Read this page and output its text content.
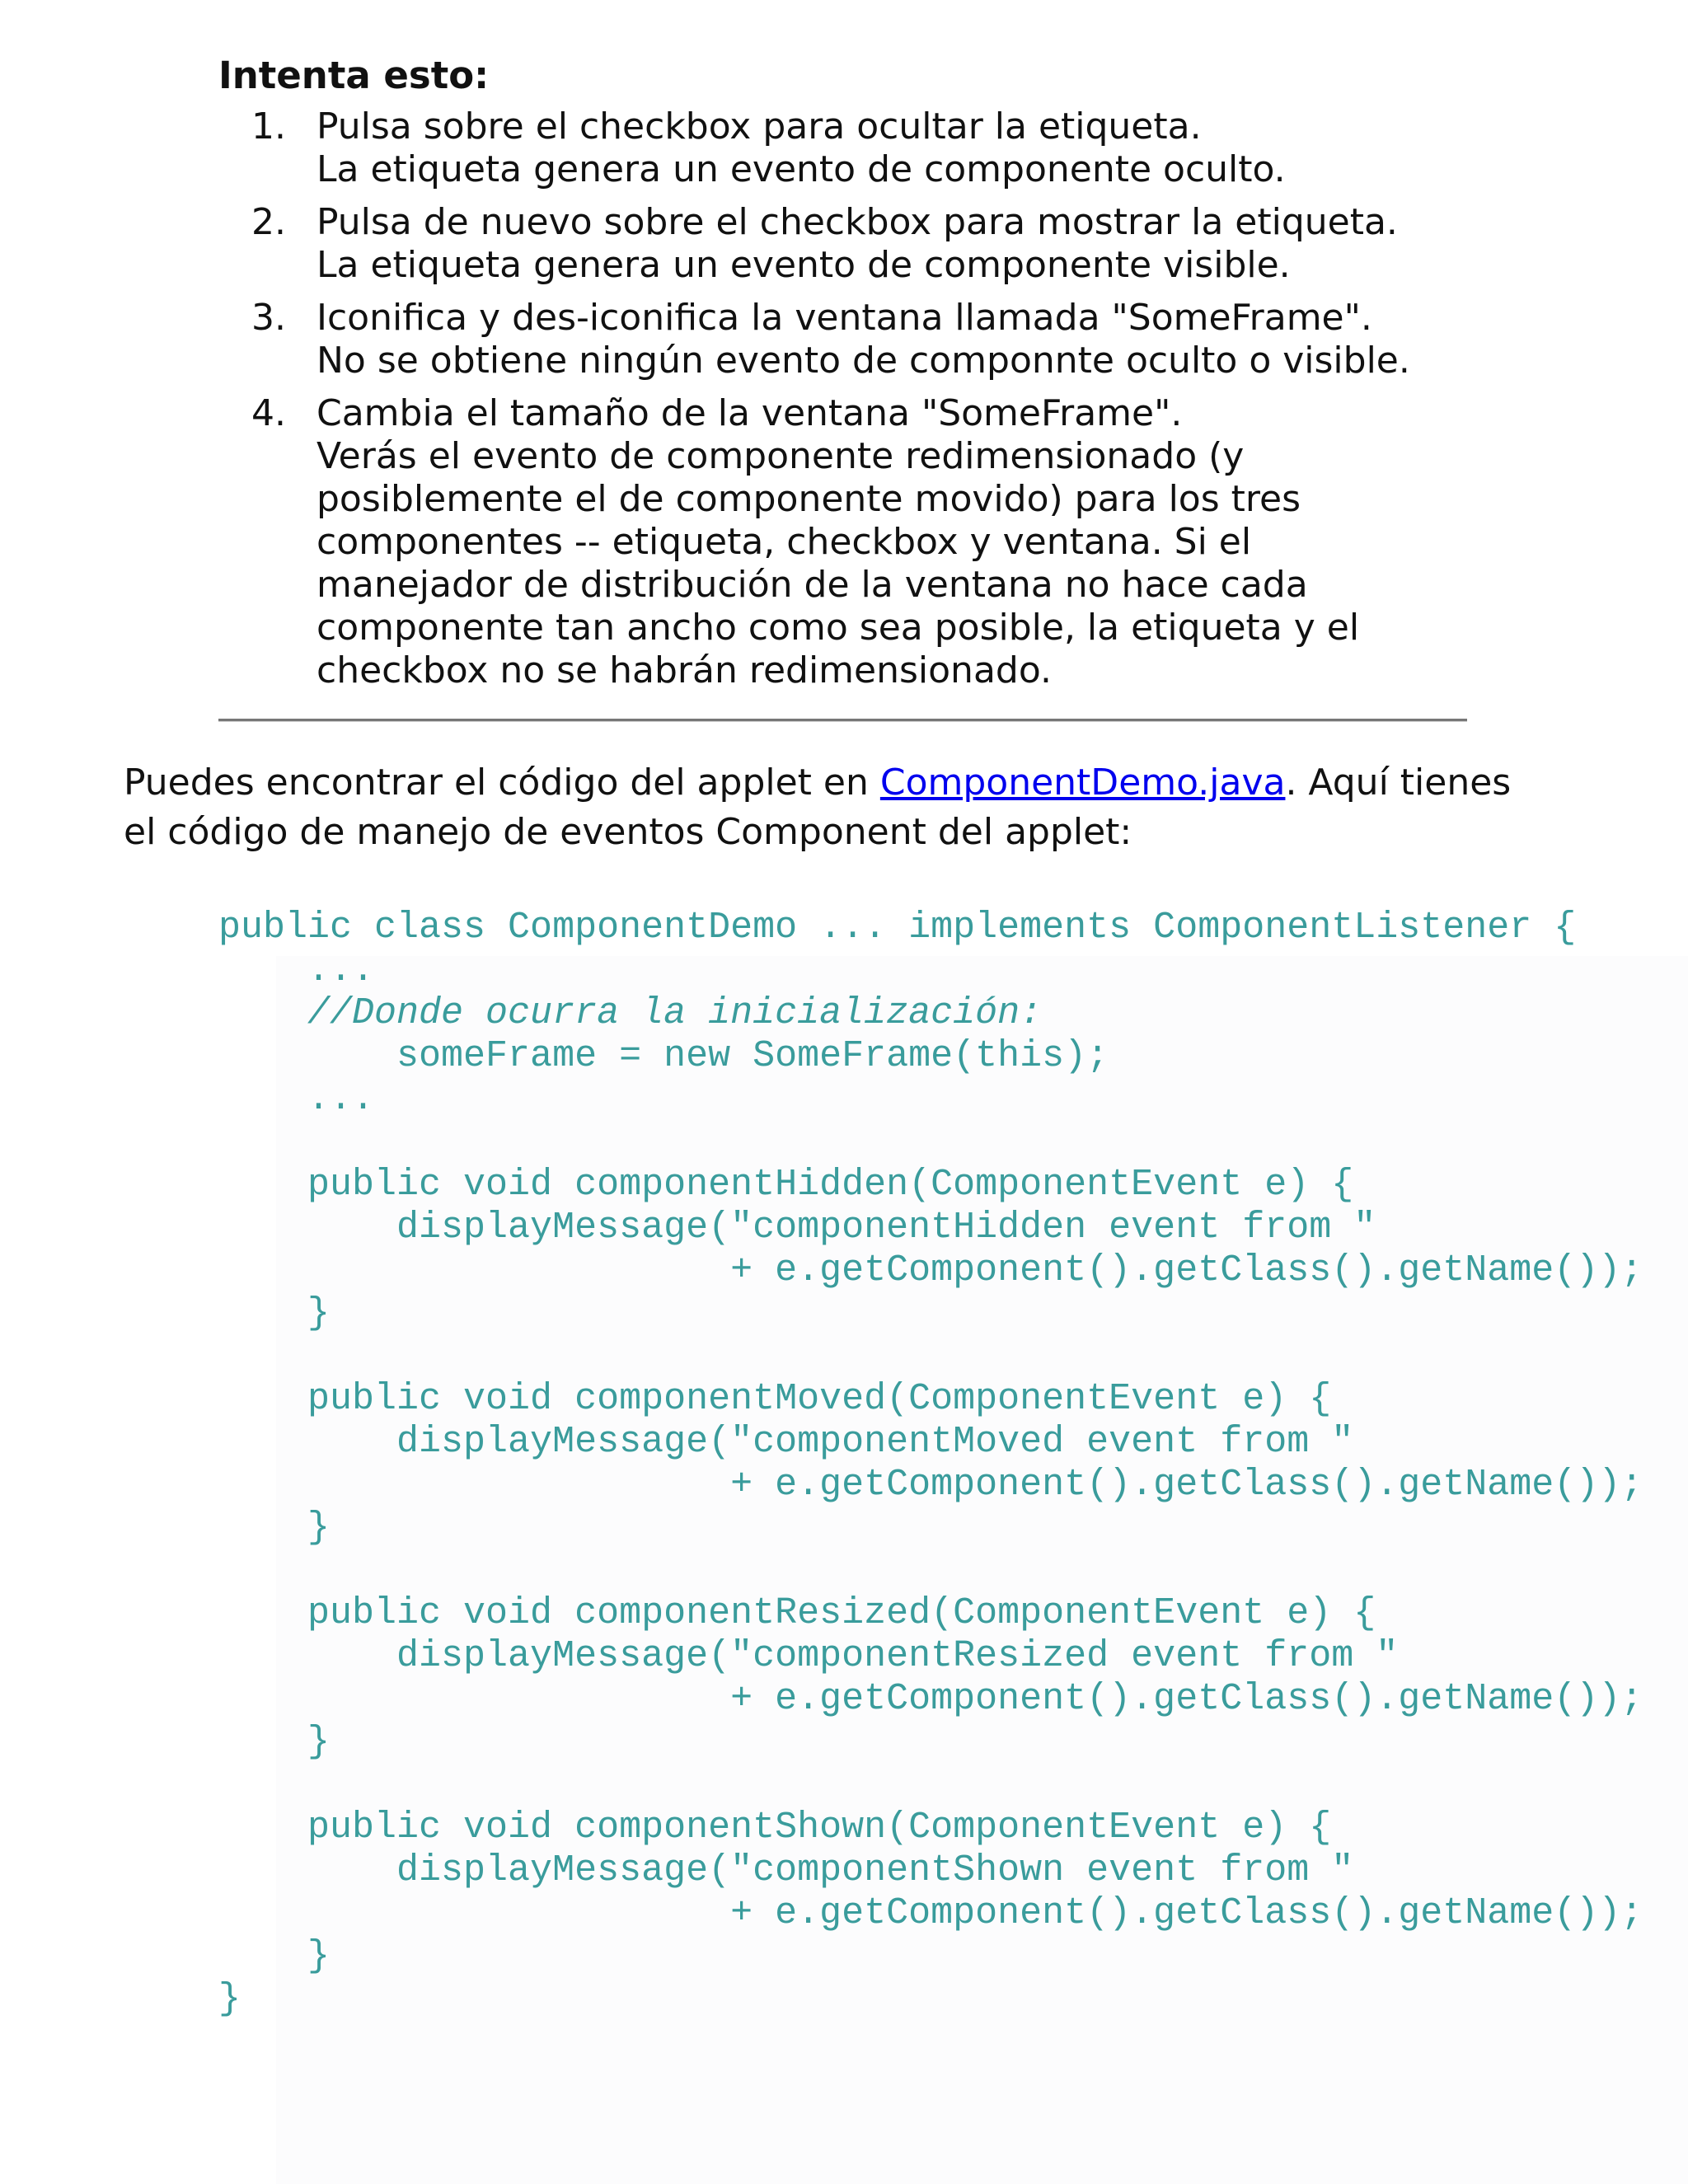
Intenta esto:
1. Pulsa sobre el checkbox para ocultar la etiqueta.
La etiqueta genera un evento de componente oculto.
2. Pulsa de nuevo sobre el checkbox para mostrar la etiqueta.
La etiqueta genera un evento de componente visible.
3. Iconifica y des-iconifica la ventana llamada "SomeFrame".
No se obtiene ningún evento de componnte oculto o visible.
4. Cambia el tamaño de la ventana "SomeFrame".
Verás el evento de componente redimensionado (y
posiblemente el de componente movido) para los tres
componentes -- etiqueta, checkbox y ventana. Si el
manejador de distribución de la ventana no hace cada
componente tan ancho como sea posible, la etiqueta y el
checkbox no se habrán redimensionado.
Puedes encontrar el código del applet en ComponentDemo.java. Aquí tienes
el código de manejo de eventos Component del applet:
public class ComponentDemo ... implements ComponentListener {
...
//Donde ocurra la inicialización:
someFrame = new SomeFrame(this);
...
public void componentHidden(ComponentEvent e) {
displayMessage("componentHidden event from "
+ e.getComponent().getClass().getName());
}
public void componentMoved(ComponentEvent e) {
displayMessage("componentMoved event from "
+ e.getComponent().getClass().getName());
}
public void componentResized(ComponentEvent e) {
displayMessage("componentResized event from "
+ e.getComponent().getClass().getName());
}
public void componentShown(ComponentEvent e) {
displayMessage("componentShown event from "
+ e.getComponent().getClass().getName());
}
}
